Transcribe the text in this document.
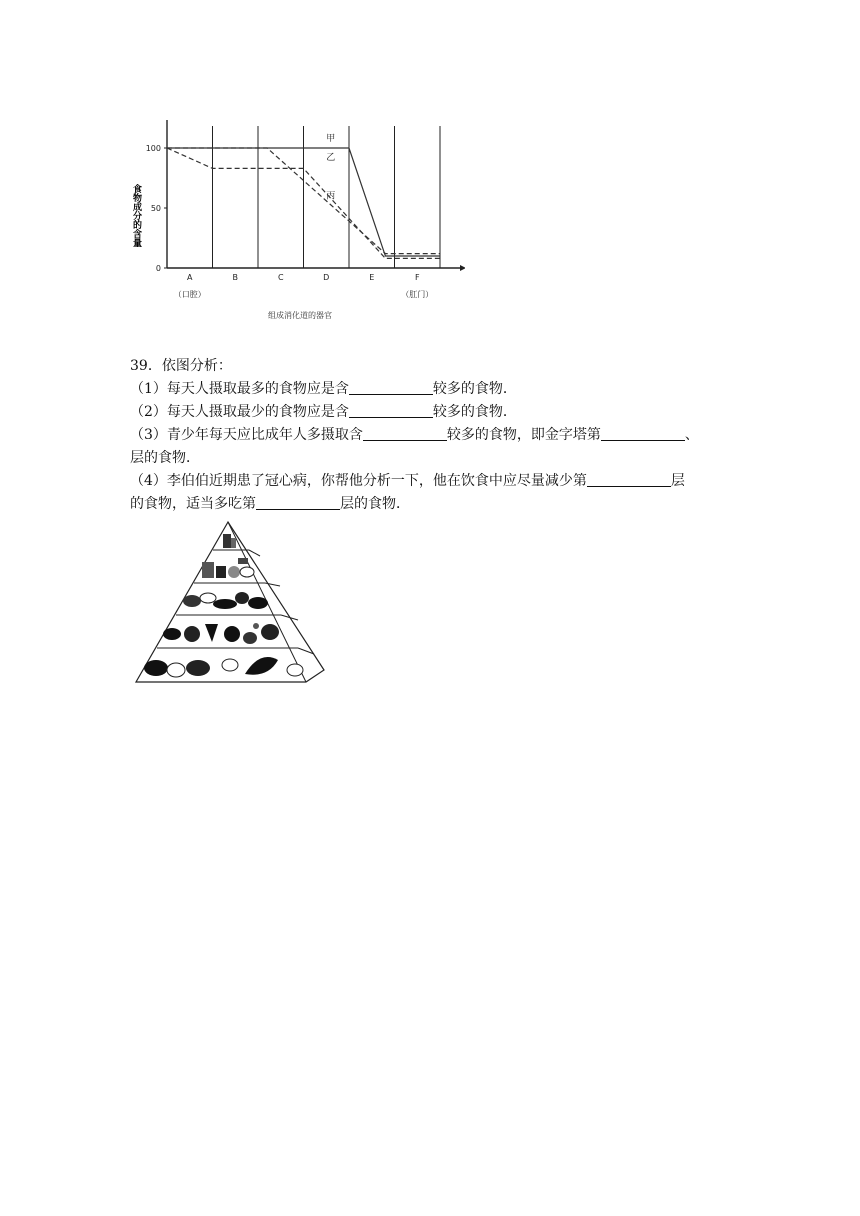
食物成分的含量
0
50
100
甲
乙
丙
A
（口腔）
B	C	D	E	F
（肛门）
组成消化道的器官

39．依图分析：

（1）每天人摄取最多的食物应是含	较多的食物．

（2）每天人摄取最少的食物应是含	较多的食物．

（3）青少年每天应比成年人多摄取含	较多的食物，即金字塔第	、

层的食物．

（4）李伯伯近期患了冠心病，你帮他分析一下，他在饮食中应尽量减少第	层

的食物，适当多吃第	层的食物．
